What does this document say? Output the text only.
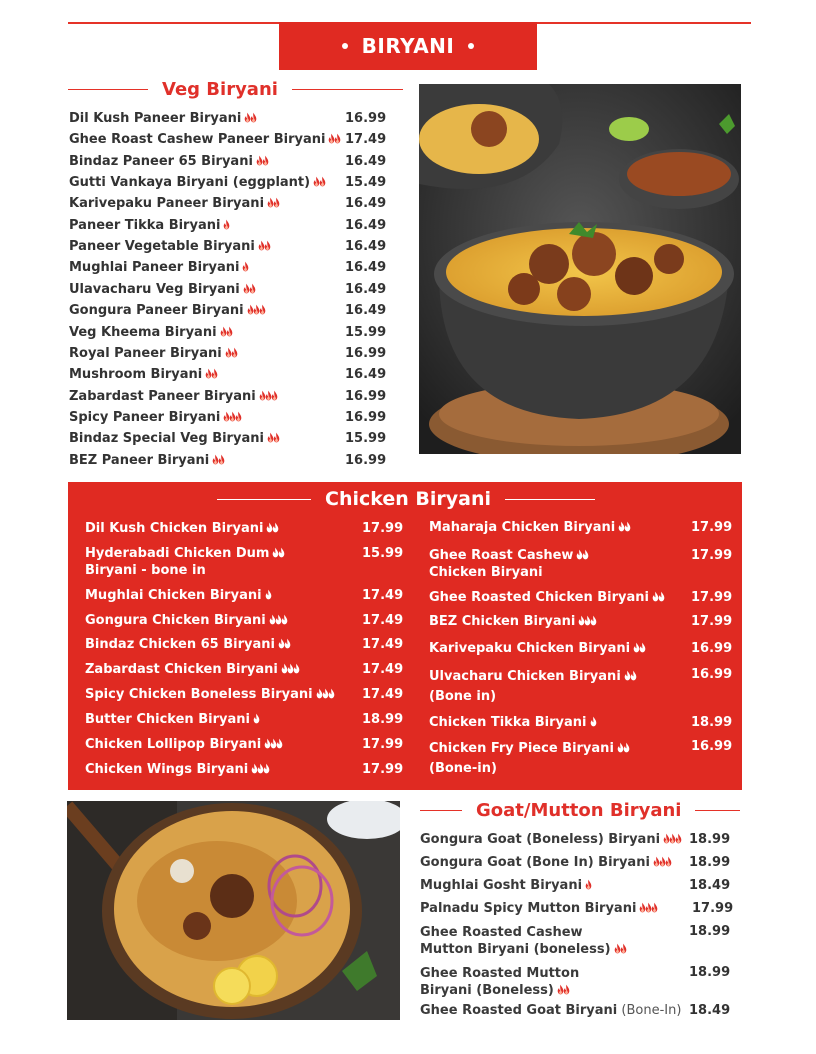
BIRYANI
Veg Biryani
Dil Kush Paneer Biryani	16.99
Ghee Roast Cashew Paneer Biryani	17.49
Bindaz Paneer 65 Biryani	16.49
Gutti Vankaya Biryani (eggplant)	15.49
Karivepaku Paneer Biryani	16.49
Paneer Tikka Biryani	16.49
Paneer Vegetable Biryani	16.49
Mughlai Paneer Biryani	16.49
Ulavacharu Veg Biryani	16.49
Gongura Paneer Biryani	16.49
Veg Kheema Biryani	15.99
Royal Paneer Biryani	16.99
Mushroom Biryani	16.49
Zabardast Paneer Biryani	16.99
Spicy Paneer Biryani	16.99
Bindaz Special Veg Biryani	15.99
BEZ Paneer Biryani	16.99
Chicken Biryani
Dil Kush Chicken Biryani	17.99
Hyderabadi Chicken Dum
Biryani - bone in
15.99
Mughlai Chicken Biryani	17.49
Gongura Chicken Biryani	17.49
Bindaz Chicken 65 Biryani	17.49
Zabardast Chicken Biryani	17.49
Spicy Chicken Boneless Biryani	17.49
Butter Chicken Biryani	18.99
Chicken Lollipop Biryani	17.99
Chicken Wings Biryani	17.99
Maharaja Chicken Biryani	17.99
Ghee Roast Cashew
Chicken Biryani
17.99
Ghee Roasted Chicken Biryani	17.99
BEZ Chicken Biryani	17.99
Karivepaku Chicken Biryani	16.99
Ulvacharu Chicken Biryani
(Bone in)
16.99
Chicken Tikka Biryani	18.99
Chicken Fry Piece Biryani
(Bone-in)
16.99
Goat/Mutton Biryani
Gongura Goat (Boneless) Biryani	18.99
Gongura Goat (Bone In) Biryani	18.99
Mughlai Gosht Biryani	18.49
Palnadu Spicy Mutton Biryani	17.99
Ghee Roasted Cashew
Mutton Biryani (boneless)
18.99
Ghee Roasted Mutton
Biryani (Boneless)
18.99
Ghee Roasted Goat Biryani (Bone-In) 18.49
